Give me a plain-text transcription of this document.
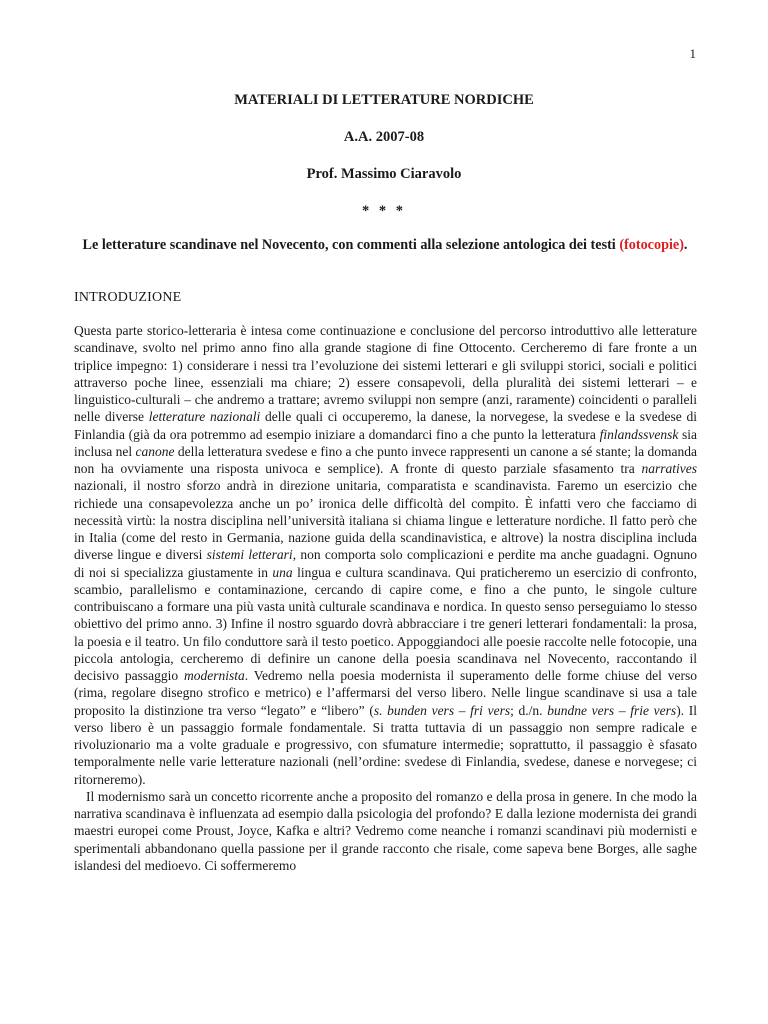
1

MATERIALI DI LETTERATURE NORDICHE

A.A. 2007-08

Prof. Massimo Ciaravolo

* * *

Le letterature scandinave nel Novecento, con commenti alla selezione antologica dei testi (fotocopie).
INTRODUZIONE

Questa parte storico-letteraria è intesa come continuazione e conclusione del percorso introduttivo alle letterature scandinave, svolto nel primo anno fino alla grande stagione di fine Ottocento. Cercheremo di fare fronte a un triplice impegno: 1) considerare i nessi tra l’evoluzione dei sistemi letterari e gli sviluppi storici, sociali e politici attraverso poche linee, essenziali ma chiare; 2) essere consapevoli, della pluralità dei sistemi letterari – e linguistico-culturali – che andremo a trattare; avremo sviluppi non sempre (anzi, raramente) coincidenti o paralleli nelle diverse letterature nazionali delle quali ci occuperemo, la danese, la norvegese, la svedese e la svedese di Finlandia (già da ora potremmo ad esempio iniziare a domandarci fino a che punto la letteratura finlandssvensk sia inclusa nel canone della letteratura svedese e fino a che punto invece rappresenti un canone a sé stante; la domanda non ha ovviamente una risposta univoca e semplice). A fronte di questo parziale sfasamento tra narratives nazionali, il nostro sforzo andrà in direzione unitaria, comparatista e scandinavista. Faremo un esercizio che richiede una consapevolezza anche un po’ ironica delle difficoltà del compito. È infatti vero che facciamo di necessità virtù: la nostra disciplina nell’università italiana si chiama lingue e letterature nordiche. Il fatto però che in Italia (come del resto in Germania, nazione guida della scandinavistica, e altrove) la nostra disciplina includa diverse lingue e diversi sistemi letterari, non comporta solo complicazioni e perdite ma anche guadagni. Ognuno di noi si specializza giustamente in una lingua e cultura scandinava. Qui praticheremo un esercizio di confronto, scambio, parallelismo e contaminazione, cercando di capire come, e fino a che punto, le singole culture contribuiscano a formare una più vasta unità culturale scandinava e nordica. In questo senso perseguiamo lo stesso obiettivo del primo anno. 3) Infine il nostro sguardo dovrà abbracciare i tre generi letterari fondamentali: la prosa, la poesia e il teatro. Un filo conduttore sarà il testo poetico. Appoggiandoci alle poesie raccolte nelle fotocopie, una piccola antologia, cercheremo di definire un canone della poesia scandinava nel Novecento, raccontando il decisivo passaggio modernista. Vedremo nella poesia modernista il superamento delle forme chiuse del verso (rima, regolare disegno strofico e metrico) e l’affermarsi del verso libero. Nelle lingue scandinave si usa a tale proposito la distinzione tra verso “legato” e “libero” (s. bunden vers – fri vers; d./n. bundne vers – frie vers). Il verso libero è un passaggio formale fondamentale. Si tratta tuttavia di un passaggio non sempre radicale e rivoluzionario ma a volte graduale e progressivo, con sfumature intermedie; soprattutto, il passaggio è sfasato temporalmente nelle varie letterature nazionali (nell’ordine: svedese di Finlandia, svedese, danese e norvegese; ci ritorneremo).

Il modernismo sarà un concetto ricorrente anche a proposito del romanzo e della prosa in genere. In che modo la narrativa scandinava è influenzata ad esempio dalla psicologia del profondo? E dalla lezione modernista dei grandi maestri europei come Proust, Joyce, Kafka e altri? Vedremo come neanche i romanzi scandinavi più modernisti e sperimentali abbandonano quella passione per il grande racconto che risale, come sapeva bene Borges, alle saghe islandesi del medioevo. Ci soffermeremo
